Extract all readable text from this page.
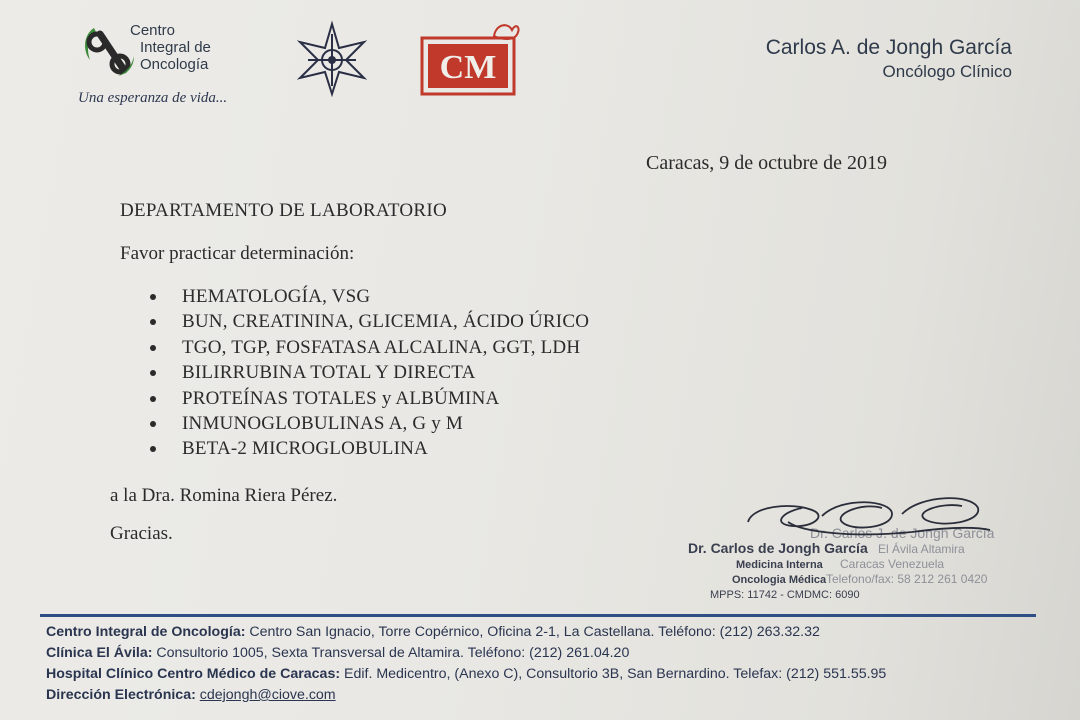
Centro
Integral de
Oncología
Una esperanza de vida...
CM
Carlos A. de Jongh García
Oncólogo Clínico
Caracas, 9 de octubre de 2019
DEPARTAMENTO DE LABORATORIO
Favor practicar determinación:
HEMATOLOGÍA, VSG
BUN, CREATININA, GLICEMIA, ÁCIDO ÚRICO
TGO, TGP, FOSFATASA ALCALINA, GGT, LDH
BILIRRUBINA TOTAL Y DIRECTA
PROTEÍNAS TOTALES y ALBÚMINA
INMUNOGLOBULINAS A, G y M
BETA-2 MICROGLOBULINA
a la Dra. Romina Riera Pérez.
Gracias.	Dr. Carlos J. de Jongh García
El Ávila Altamira
Caracas Venezuela
Telefono/fax: 58 212 261 0420
Dr. Carlos de Jongh García
Medicina Interna
Oncologia Médica
MPPS: 11742 - CMDMC: 6090
Centro Integral de Oncología: Centro San Ignacio, Torre Copérnico, Oficina 2-1, La Castellana. Teléfono: (212) 263.32.32
Clínica El Ávila: Consultorio 1005, Sexta Transversal de Altamira. Teléfono: (212) 261.04.20
Hospital Clínico Centro Médico de Caracas: Edif. Medicentro, (Anexo C), Consultorio 3B, San Bernardino. Telefax: (212) 551.55.95
Dirección Electrónica: cdejongh@ciove.com
